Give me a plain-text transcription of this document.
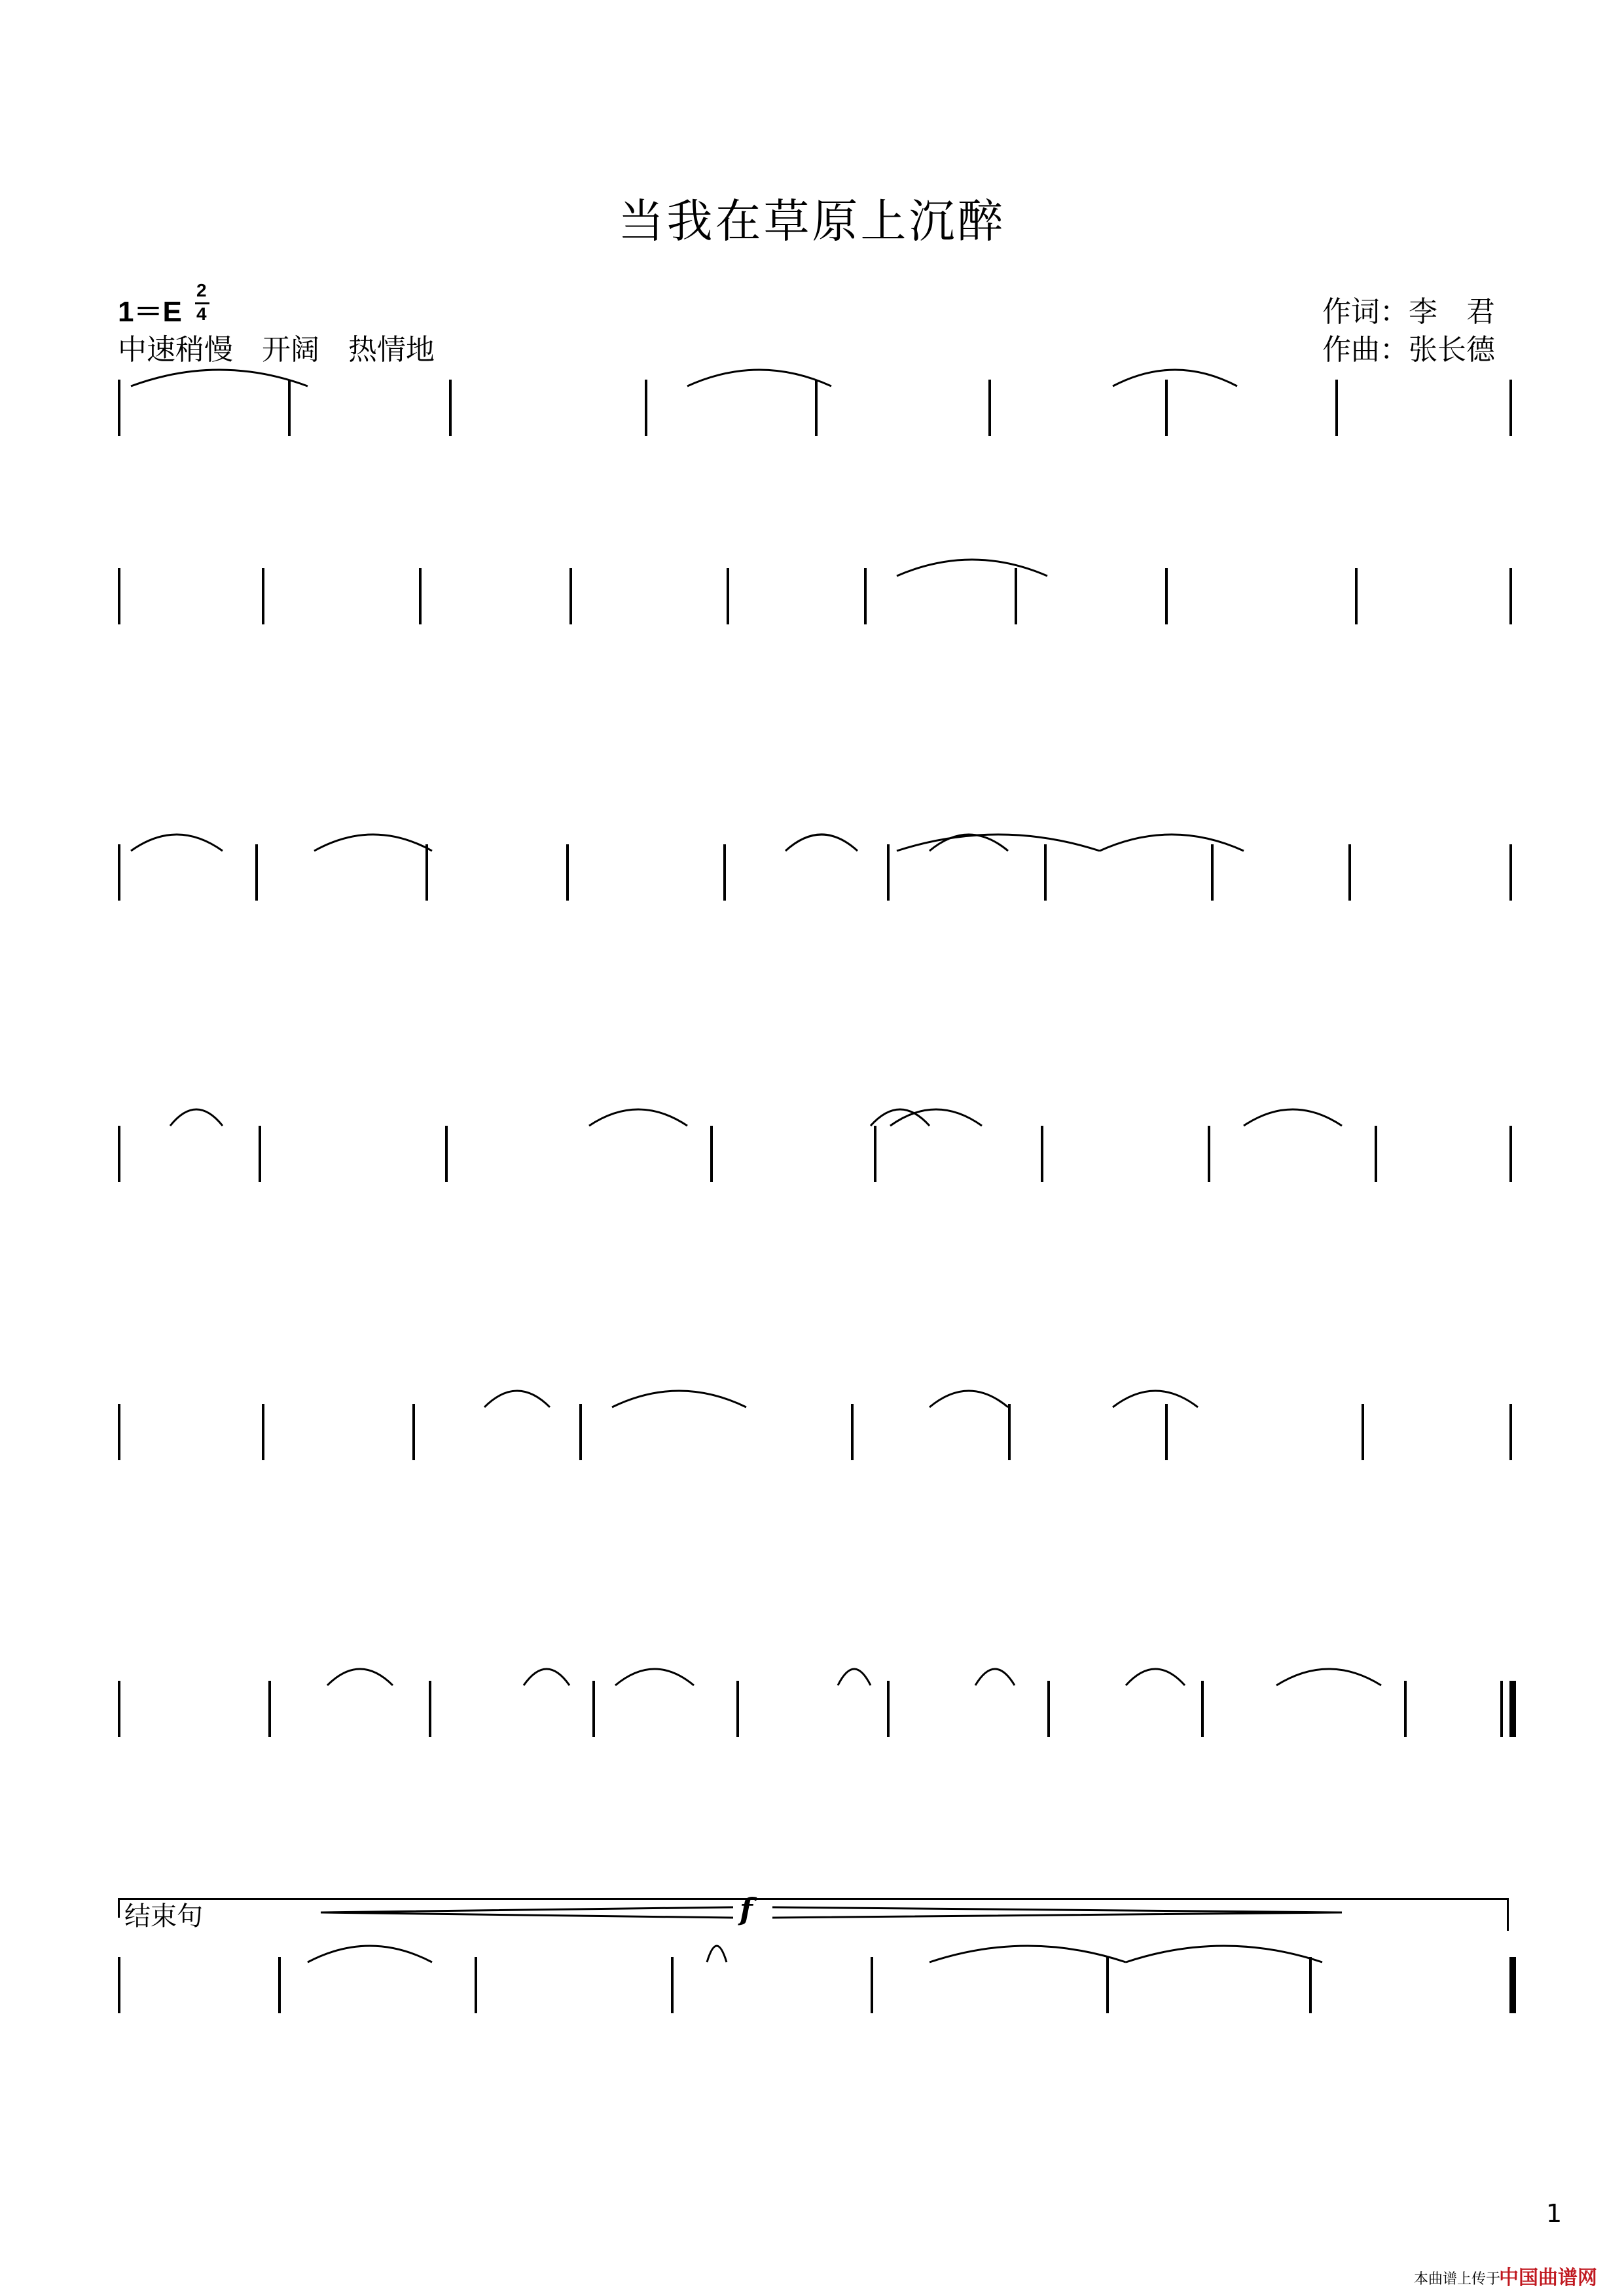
当我在草原上沉醉
1＝E
2
4
中速稍慢　开阔　热情地
作词：李　君
作曲：张长德
结束句	f
1
本曲谱上传于
中国曲谱网
